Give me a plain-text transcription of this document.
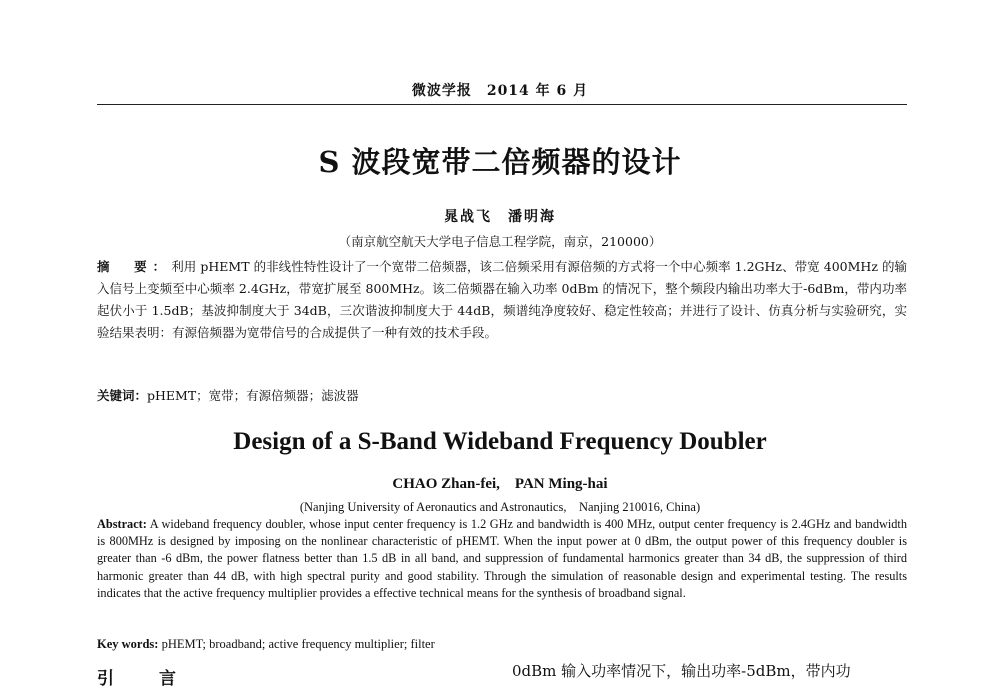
微波学报　2014 年 6 月
S 波段宽带二倍频器的设计
晁战飞　潘明海
（南京航空航天大学电子信息工程学院，南京，210000）
摘　要：利用 pHEMT 的非线性特性设计了一个宽带二倍频器，该二倍频采用有源倍频的方式将一个中心频率 1.2GHz、带宽 400MHz 的输入信号上变频至中心频率 2.4GHz，带宽扩展至 800MHz。该二倍频器在输入功率 0dBm 的情况下，整个频段内输出功率大于-6dBm，带内功率起伏小于 1.5dB；基波抑制度大于 34dB，三次谐波抑制度大于 44dB，频谱纯净度较好、稳定性较高；并进行了设计、仿真分析与实验研究，实验结果表明：有源倍频器为宽带信号的合成提供了一种有效的技术手段。
关键词：pHEMT；宽带；有源倍频器；滤波器
Design of a S-Band Wideband Frequency Doubler
CHAO Zhan-fei,　PAN Ming-hai
(Nanjing University of Aeronautics and Astronautics,　Nanjing 210016, China)
Abstract: A wideband frequency doubler, whose input center frequency is 1.2 GHz and bandwidth is 400 MHz, output center frequency is 2.4GHz and bandwidth is 800MHz is designed by imposing on the nonlinear characteristic of pHEMT. When the input power at 0 dBm, the output power of this frequency doubler is greater than -6 dBm, the power flatness better than 1.5 dB in all band, and suppression of fundamental harmonics greater than 34 dB, the suppression of third harmonic greater than 44 dB, with high spectral purity and good stability. Through the simulation of reasonable design and experimental testing. The results indicates that the active frequency multiplier provides a effective technical means for the synthesis of broadband signal.
Key words: pHEMT; broadband; active frequency multiplier; filter
引　言	0dBm 输入功率情况下，输出功率-5dBm，带内功
